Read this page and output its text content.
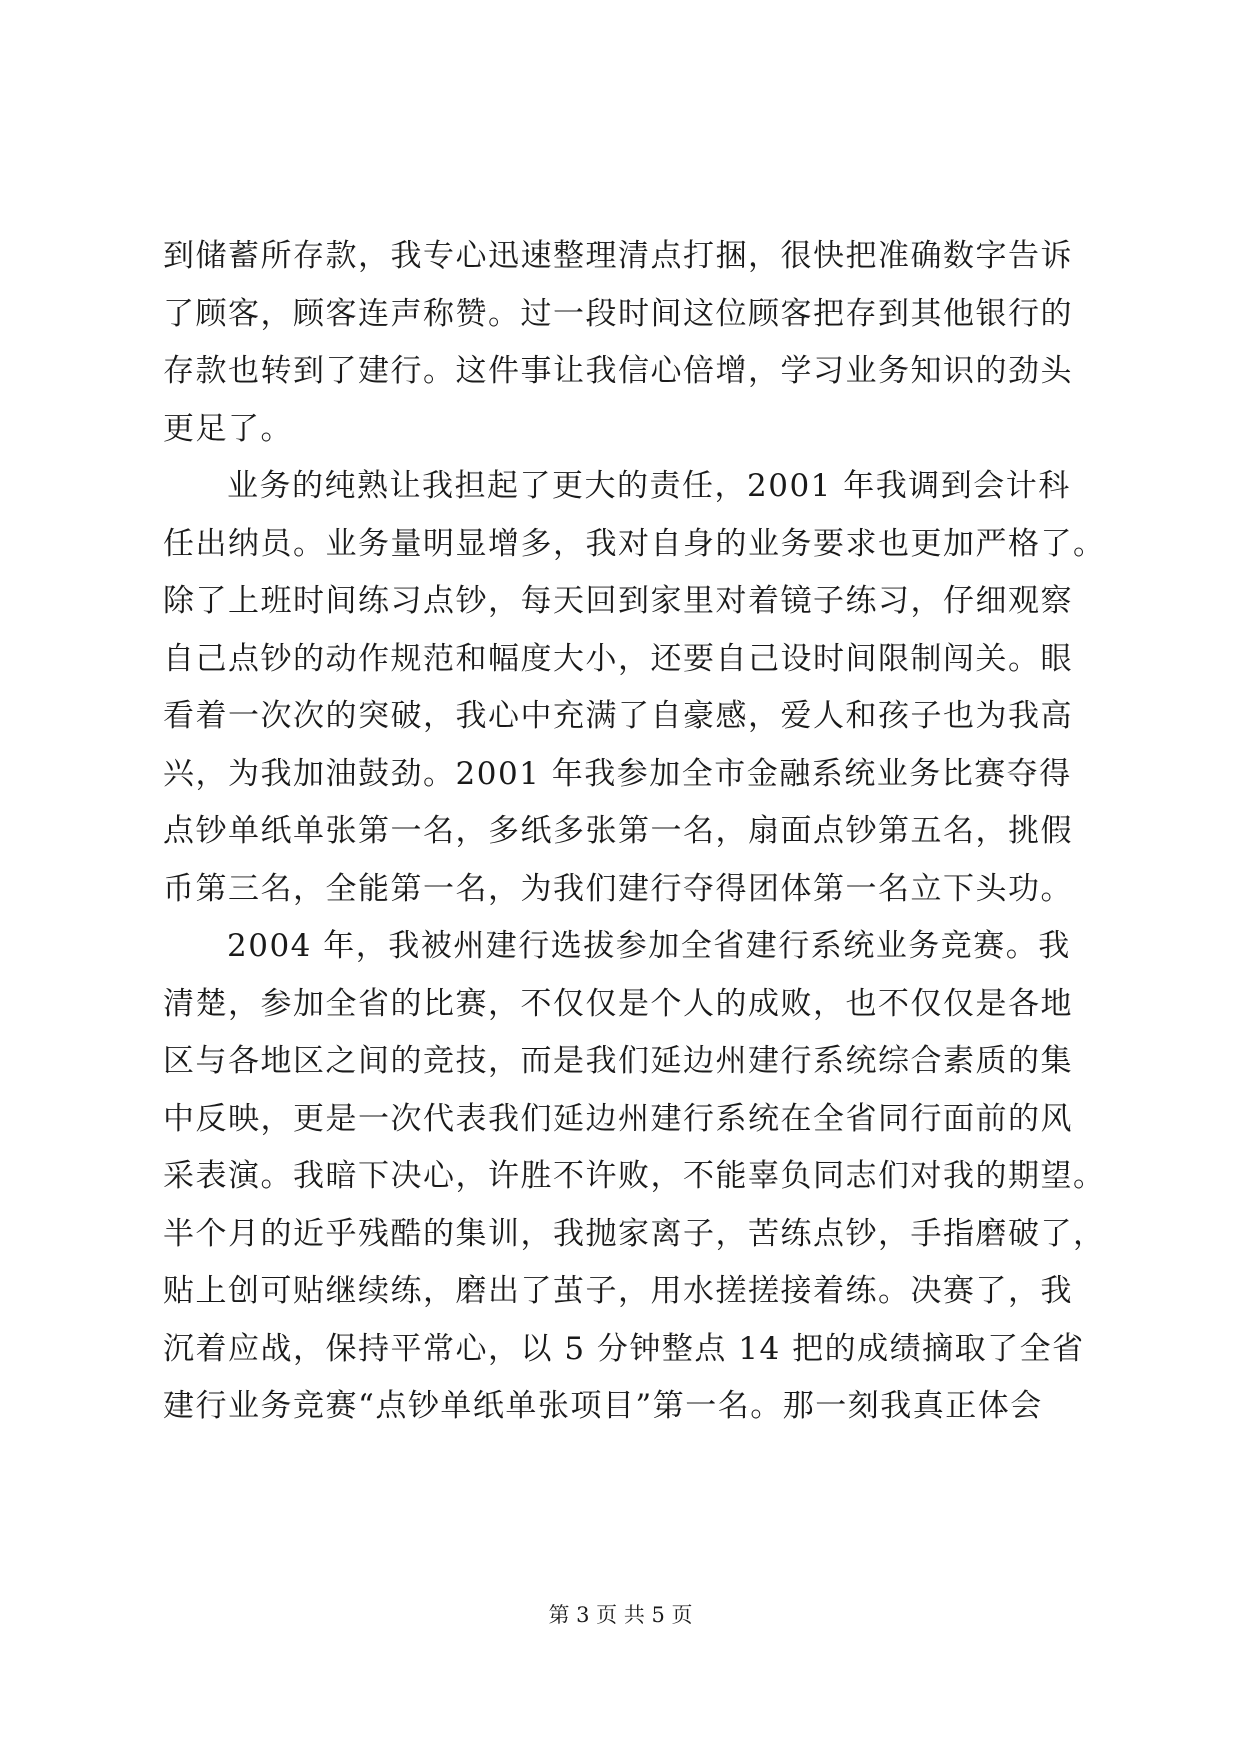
到储蓄所存款，我专心迅速整理清点打捆，很快把准确数字告诉
了顾客，顾客连声称赞。过一段时间这位顾客把存到其他银行的
存款也转到了建行。这件事让我信心倍增，学习业务知识的劲头
更足了。
业务的纯熟让我担起了更大的责任，2001 年我调到会计科
任出纳员。业务量明显增多，我对自身的业务要求也更加严格了。
除了上班时间练习点钞，每天回到家里对着镜子练习，仔细观察
自己点钞的动作规范和幅度大小，还要自己设时间限制闯关。眼
看着一次次的突破，我心中充满了自豪感，爱人和孩子也为我高
兴，为我加油鼓劲。2001 年我参加全市金融系统业务比赛夺得
点钞单纸单张第一名，多纸多张第一名，扇面点钞第五名，挑假
币第三名，全能第一名，为我们建行夺得团体第一名立下头功。
2004 年，我被州建行选拔参加全省建行系统业务竞赛。我
清楚，参加全省的比赛，不仅仅是个人的成败，也不仅仅是各地
区与各地区之间的竞技，而是我们延边州建行系统综合素质的集
中反映，更是一次代表我们延边州建行系统在全省同行面前的风
采表演。我暗下决心，许胜不许败，不能辜负同志们对我的期望。
半个月的近乎残酷的集训，我抛家离子，苦练点钞，手指磨破了，
贴上创可贴继续练，磨出了茧子，用水搓搓接着练。决赛了，我
沉着应战，保持平常心，以 5 分钟整点 14 把的成绩摘取了全省
建行业务竞赛“点钞单纸单张项目”第一名。那一刻我真正体会
第 3 页 共 5 页
